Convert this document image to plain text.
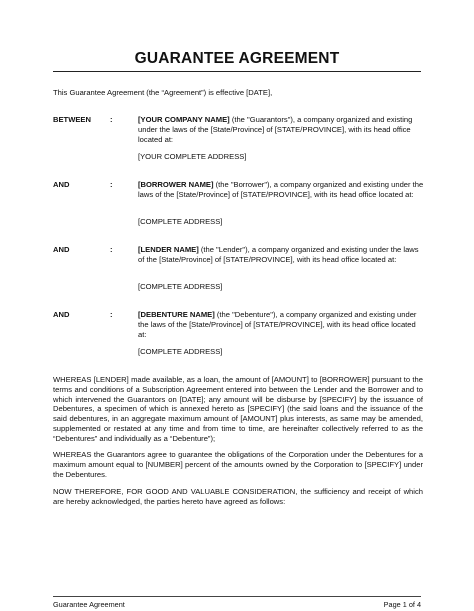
GUARANTEE AGREEMENT
This Guarantee Agreement (the “Agreement”) is effective [DATE],
BETWEEN	:	[YOUR COMPANY NAME] (the "Guarantors"), a company organized and existing under the laws of the [State/Province] of [STATE/PROVINCE], with its head office located at:
[YOUR COMPLETE ADDRESS]
AND	:	[BORROWER NAME] (the "Borrower"), a company organized and existing under the laws of the [State/Province] of [STATE/PROVINCE], with its head office located at:
[COMPLETE ADDRESS]
AND	:	[LENDER NAME] (the "Lender"), a company organized and existing under the laws of the [State/Province] of [STATE/PROVINCE], with its head office located at:
[COMPLETE ADDRESS]
AND	:	[DEBENTURE NAME] (the "Debenture"), a company organized and existing under the laws of the [State/Province] of [STATE/PROVINCE], with its head office located at:
[COMPLETE ADDRESS]
WHEREAS [LENDER] made available, as a loan, the amount of [AMOUNT] to [BORROWER] pursuant to the terms and conditions of a Subscription Agreement entered into between the Lender and the Borrower and to which intervened the Guarantors on [DATE]; any amount will be disburse by [SPECIFY] by the issuance of Debentures, a specimen of which is annexed hereto as [SPECIFY] (the said loans and the issuance of the said debentures, in an aggregate maximum amount of [AMOUNT] plus interests, as same may be amended, supplemented or restated at any time and from time to time, are hereinafter collectively referred to as the “Debentures” and individually as a “Debenture”);
WHEREAS the Guarantors agree to guarantee the obligations of the Corporation under the Debentures for a maximum amount equal to [NUMBER] percent of the amounts owned by the Corporation to [SPECIFY] under the Debentures.
NOW THEREFORE, FOR GOOD AND VALUABLE CONSIDERATION, the sufficiency and receipt of which are hereby acknowledged, the parties hereto have agreed as follows:
Guarantee Agreement	Page 1 of 4
